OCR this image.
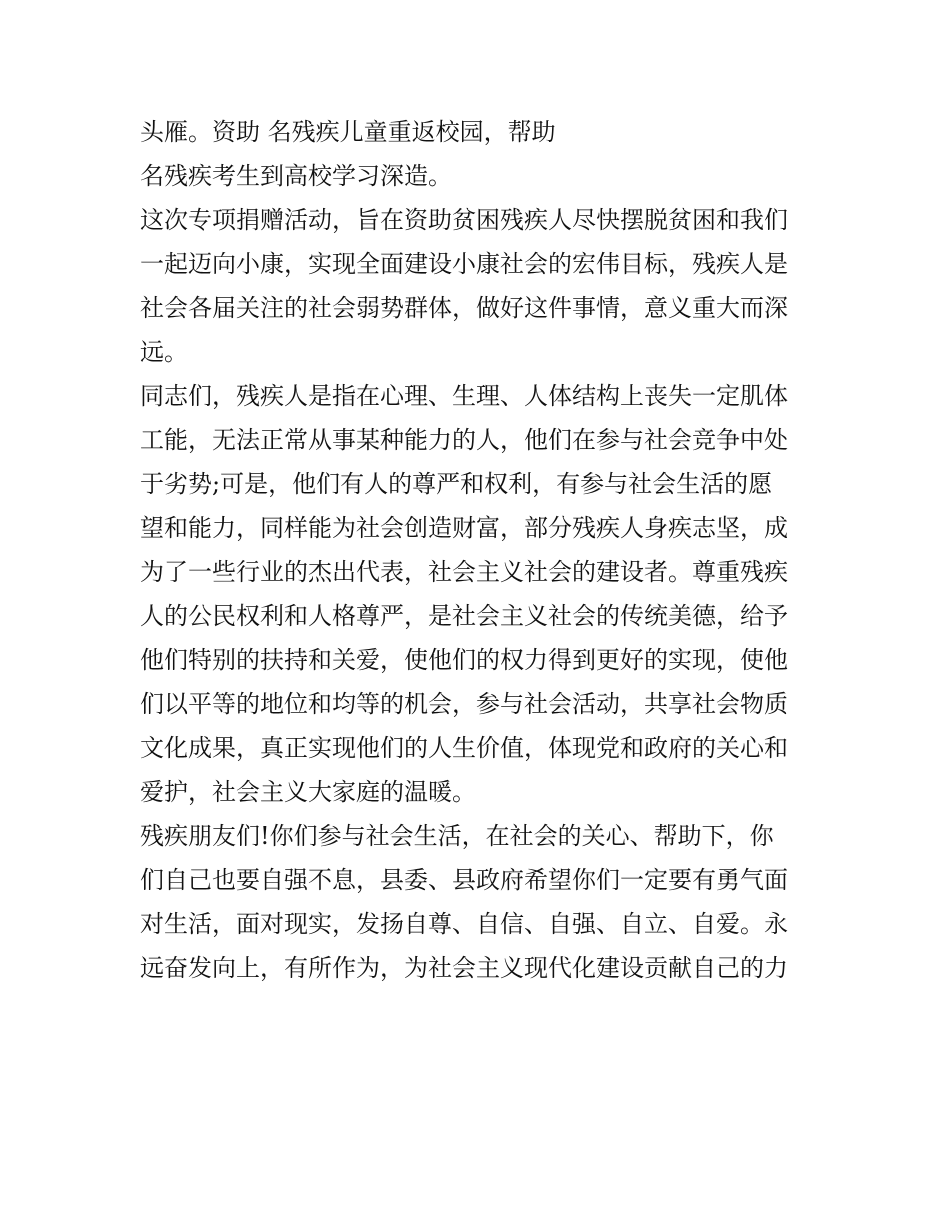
头雁。资助 名残疾儿童重返校园，帮助
名残疾考生到高校学习深造。
这次专项捐赠活动，旨在资助贫困残疾人尽快摆脱贫困和我们
一起迈向小康，实现全面建设小康社会的宏伟目标，残疾人是
社会各届关注的社会弱势群体，做好这件事情，意义重大而深
远。
同志们，残疾人是指在心理、生理、人体结构上丧失一定肌体
工能，无法正常从事某种能力的人，他们在参与社会竞争中处
于劣势;可是，他们有人的尊严和权利，有参与社会生活的愿
望和能力，同样能为社会创造财富，部分残疾人身疾志坚，成
为了一些行业的杰出代表，社会主义社会的建设者。尊重残疾
人的公民权利和人格尊严，是社会主义社会的传统美德，给予
他们特别的扶持和关爱，使他们的权力得到更好的实现，使他
们以平等的地位和均等的机会，参与社会活动，共享社会物质
文化成果，真正实现他们的人生价值，体现党和政府的关心和
爱护，社会主义大家庭的温暖。
残疾朋友们!你们参与社会生活，在社会的关心、帮助下，你
们自己也要自强不息，县委、县政府希望你们一定要有勇气面
对生活，面对现实，发扬自尊、自信、自强、自立、自爱。永
远奋发向上，有所作为，为社会主义现代化建设贡献自己的力
